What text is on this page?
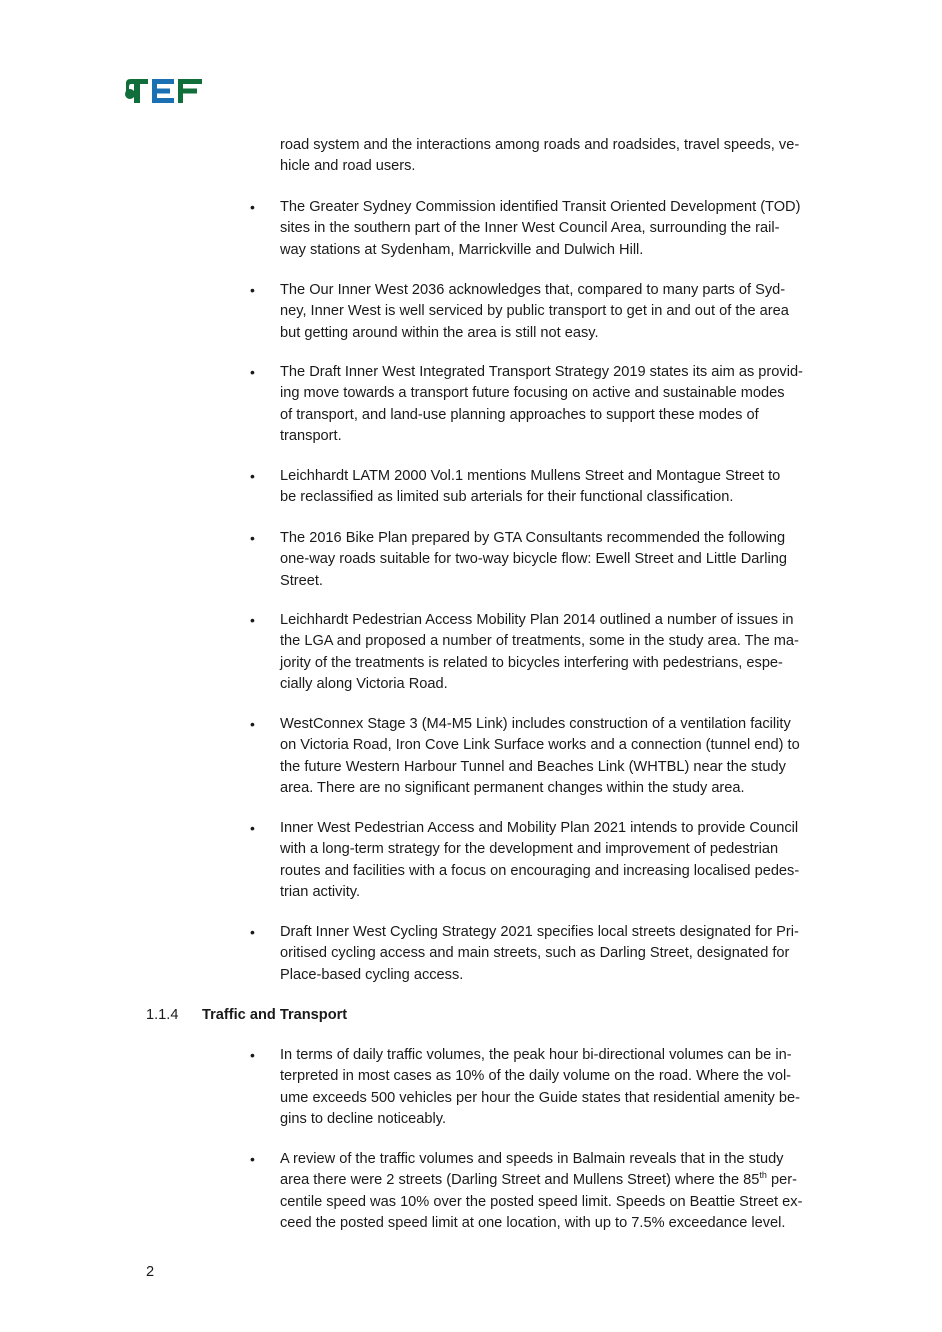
road system and the interactions among roads and roadsides, travel speeds, ve-
hicle and road users.
The Greater Sydney Commission identified Transit Oriented Development (TOD)
sites in the southern part of the Inner West Council Area, surrounding the rail-
way stations at Sydenham, Marrickville and Dulwich Hill.
•
The Our Inner West 2036 acknowledges that, compared to many parts of Syd-
ney, Inner West is well serviced by public transport to get in and out of the area
but getting around within the area is still not easy.
•
The Draft Inner West Integrated Transport Strategy 2019 states its aim as provid-
ing move towards a transport future focusing on active and sustainable modes
of transport, and land-use planning approaches to support these modes of
transport.
•
Leichhardt LATM 2000 Vol.1 mentions Mullens Street and Montague Street to
be reclassified as limited sub arterials for their functional classification.
•
The 2016 Bike Plan prepared by GTA Consultants recommended the following
one-way roads suitable for two-way bicycle flow: Ewell Street and Little Darling
Street.
•
Leichhardt Pedestrian Access Mobility Plan 2014 outlined a number of issues in
the LGA and proposed a number of treatments, some in the study area. The ma-
jority of the treatments is related to bicycles interfering with pedestrians, espe-
cially along Victoria Road.
•
WestConnex Stage 3 (M4-M5 Link) includes construction of a ventilation facility
on Victoria Road, Iron Cove Link Surface works and a connection (tunnel end) to
the future Western Harbour Tunnel and Beaches Link (WHTBL) near the study
area. There are no significant permanent changes within the study area.
•
Inner West Pedestrian Access and Mobility Plan 2021 intends to provide Council
with a long-term strategy for the development and improvement of pedestrian
routes and facilities with a focus on encouraging and increasing localised pedes-
trian activity.
•
Draft Inner West Cycling Strategy 2021 specifies local streets designated for Pri-
oritised cycling access and main streets, such as Darling Street, designated for
Place-based cycling access.
•
In terms of daily traffic volumes, the peak hour bi-directional volumes can be in-
terpreted in most cases as 10% of the daily volume on the road. Where the vol-
ume exceeds 500 vehicles per hour the Guide states that residential amenity be-
gins to decline noticeably.
•
A review of the traffic volumes and speeds in Balmain reveals that in the study
area there were 2 streets (Darling Street and Mullens Street) where the 85th per-
centile speed was 10% over the posted speed limit. Speeds on Beattie Street ex-
ceed the posted speed limit at one location, with up to 7.5% exceedance level.
•
1.1.4 Traffic and Transport
2
